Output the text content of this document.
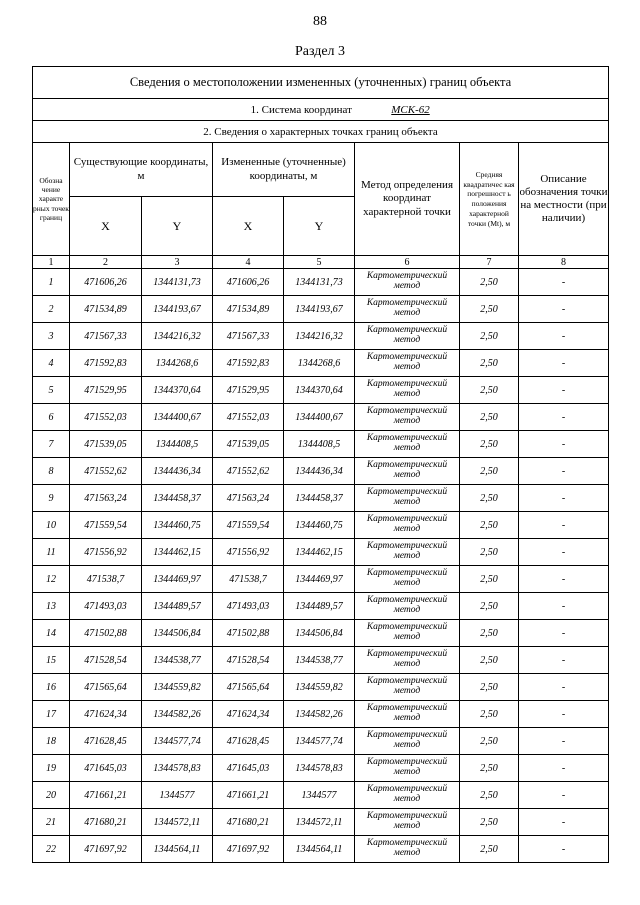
88
Раздел 3
Сведения о местоположении измененных (уточненных) границ объекта							
1. Система координат МСК-62							
2. Сведения о характерных точках границ объекта							
Обозна чение характе рных точек границ	Существующие координаты, м		Измененные (уточненные) координаты, м		Метод определения координат характерной точки	Средняя квадратичес кая погрешност ь положения характерной точки (Mt), м	Описание обозначения точки на местности (при наличии)
	X	Y	X	Y			
1	2	3	4	5	6	7	8
1	471606,26	1344131,73	471606,26	1344131,73	Картометрический метод	2,50	-
2	471534,89	1344193,67	471534,89	1344193,67	Картометрический метод	2,50	-
3	471567,33	1344216,32	471567,33	1344216,32	Картометрический метод	2,50	-
4	471592,83	1344268,6	471592,83	1344268,6	Картометрический метод	2,50	-
5	471529,95	1344370,64	471529,95	1344370,64	Картометрический метод	2,50	-
6	471552,03	1344400,67	471552,03	1344400,67	Картометрический метод	2,50	-
7	471539,05	1344408,5	471539,05	1344408,5	Картометрический метод	2,50	-
8	471552,62	1344436,34	471552,62	1344436,34	Картометрический метод	2,50	-
9	471563,24	1344458,37	471563,24	1344458,37	Картометрический метод	2,50	-
10	471559,54	1344460,75	471559,54	1344460,75	Картометрический метод	2,50	-
11	471556,92	1344462,15	471556,92	1344462,15	Картометрический метод	2,50	-
12	471538,7	1344469,97	471538,7	1344469,97	Картометрический метод	2,50	-
13	471493,03	1344489,57	471493,03	1344489,57	Картометрический метод	2,50	-
14	471502,88	1344506,84	471502,88	1344506,84	Картометрический метод	2,50	-
15	471528,54	1344538,77	471528,54	1344538,77	Картометрический метод	2,50	-
16	471565,64	1344559,82	471565,64	1344559,82	Картометрический метод	2,50	-
17	471624,34	1344582,26	471624,34	1344582,26	Картометрический метод	2,50	-
18	471628,45	1344577,74	471628,45	1344577,74	Картометрический метод	2,50	-
19	471645,03	1344578,83	471645,03	1344578,83	Картометрический метод	2,50	-
20	471661,21	1344577	471661,21	1344577	Картометрический метод	2,50	-
21	471680,21	1344572,11	471680,21	1344572,11	Картометрический метод	2,50	-
22	471697,92	1344564,11	471697,92	1344564,11	Картометрический метод	2,50	-
